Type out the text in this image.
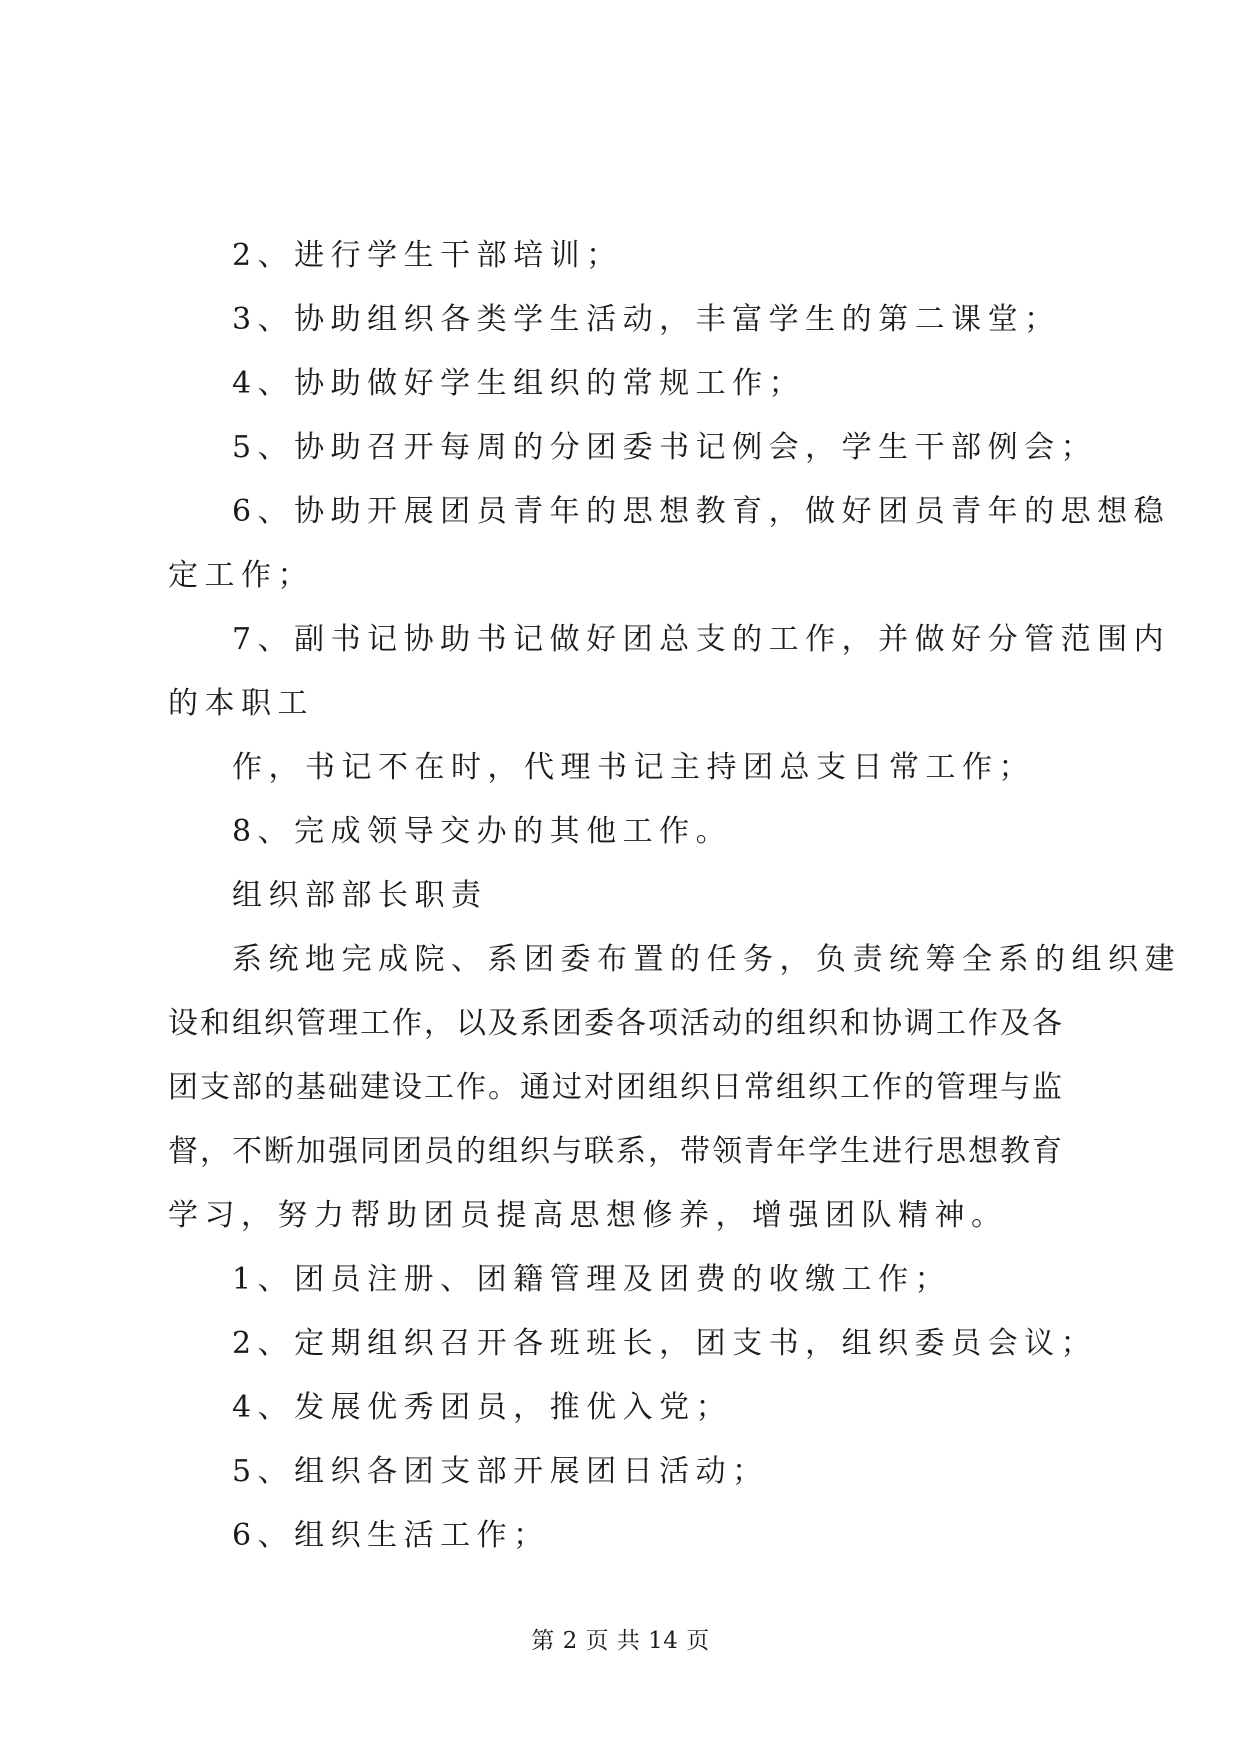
2、进行学生干部培训；
3、协助组织各类学生活动，丰富学生的第二课堂；
4、协助做好学生组织的常规工作；
5、协助召开每周的分团委书记例会，学生干部例会；
6、协助开展团员青年的思想教育，做好团员青年的思想稳
定工作；
7、副书记协助书记做好团总支的工作，并做好分管范围内
的本职工
作，书记不在时，代理书记主持团总支日常工作；
8、完成领导交办的其他工作。
组织部部长职责
系统地完成院、系团委布置的任务，负责统筹全系的组织建
设和组织管理工作，以及系团委各项活动的组织和协调工作及各
团支部的基础建设工作。通过对团组织日常组织工作的管理与监
督，不断加强同团员的组织与联系，带领青年学生进行思想教育
学习，努力帮助团员提高思想修养，增强团队精神。
1、团员注册、团籍管理及团费的收缴工作；
2、定期组织召开各班班长，团支书，组织委员会议；
4、发展优秀团员，推优入党；
5、组织各团支部开展团日活动；
6、组织生活工作；
第 2 页 共 14 页
